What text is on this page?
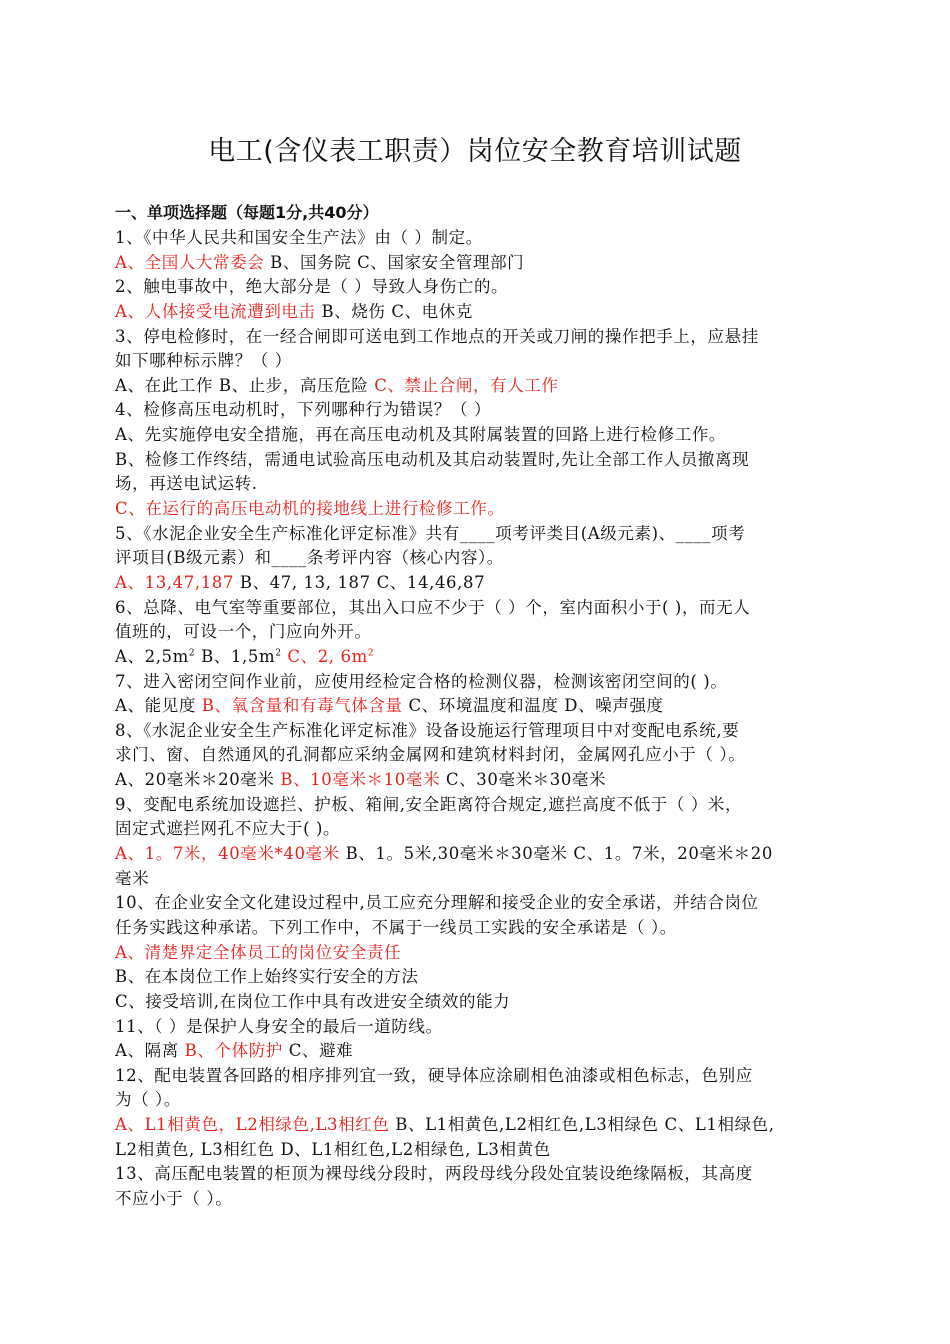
电工(含仪表工职责）岗位安全教育培训试题
一、单项选择题（每题1分,共40分）
1、《中华人民共和国安全生产法》由（ ）制定。
A、全国人大常委会 B、国务院 C、国家安全管理部门
2、触电事故中，绝大部分是（ ）导致人身伤亡的。
A、人体接受电流遭到电击 B、烧伤 C、电休克
3、停电检修时，在一经合闸即可送电到工作地点的开关或刀闸的操作把手上，应悬挂
如下哪种标示牌？（ ）
A、在此工作 B、止步，高压危险 C、禁止合闸，有人工作
4、检修高压电动机时，下列哪种行为错误？（ ）
A、先实施停电安全措施，再在高压电动机及其附属装置的回路上进行检修工作。
B、检修工作终结，需通电试验高压电动机及其启动装置时,先让全部工作人员撤离现
场，再送电试运转.
C、在运行的高压电动机的接地线上进行检修工作。
5、《水泥企业安全生产标准化评定标准》共有____项考评类目(A级元素)、____项考
评项目(B级元素）和____条考评内容（核心内容）。
A、13,47,187 B、47, 13, 187 C、14,46,87
6、总降、电气室等重要部位，其出入口应不少于（ ）个，室内面积小于( )，而无人
值班的，可设一个，门应向外开。
A、$2,5m^2$ B、$1,5m^2$ C、2, $6m^2$
7、进入密闭空间作业前，应使用经检定合格的检测仪器，检测该密闭空间的( )。
A、能见度 B、氧含量和有毒气体含量 C、环境温度和温度 D、噪声强度
8、《水泥企业安全生产标准化评定标准》设备设施运行管理项目中对变配电系统,要
求门、窗、自然通风的孔洞都应采纳金属网和建筑材料封闭，金属网孔应小于（ ）。
A、20毫米＊20毫米 B、10毫米＊10毫米 C、30毫米＊30毫米
9、变配电系统加设遮拦、护板、箱闸,安全距离符合规定,遮拦高度不低于（ ）米，
固定式遮拦网孔不应大于( )。
A、1。7米，40毫米*40毫米 B、1。5米,30毫米＊30毫米 C、1。7米，20毫米＊20
毫米
10、在企业安全文化建设过程中,员工应充分理解和接受企业的安全承诺，并结合岗位
任务实践这种承诺。下列工作中，不属于一线员工实践的安全承诺是（ ）。
A、清楚界定全体员工的岗位安全责任
B、在本岗位工作上始终实行安全的方法
C、接受培训,在岗位工作中具有改进安全绩效的能力
11、（ ）是保护人身安全的最后一道防线。
A、隔离 B、个体防护 C、避难
12、配电装置各回路的相序排列宜一致，硬导体应涂刷相色油漆或相色标志，色别应
为（ ）。
A、L1相黄色，L2相绿色,L3相红色 B、L1相黄色,L2相红色,L3相绿色 C、L1相绿色,
L2相黄色, L3相红色 D、L1相红色,L2相绿色, L3相黄色
13、高压配电装置的柜顶为裸母线分段时，两段母线分段处宜装设绝缘隔板，其高度
不应小于（ ）。
